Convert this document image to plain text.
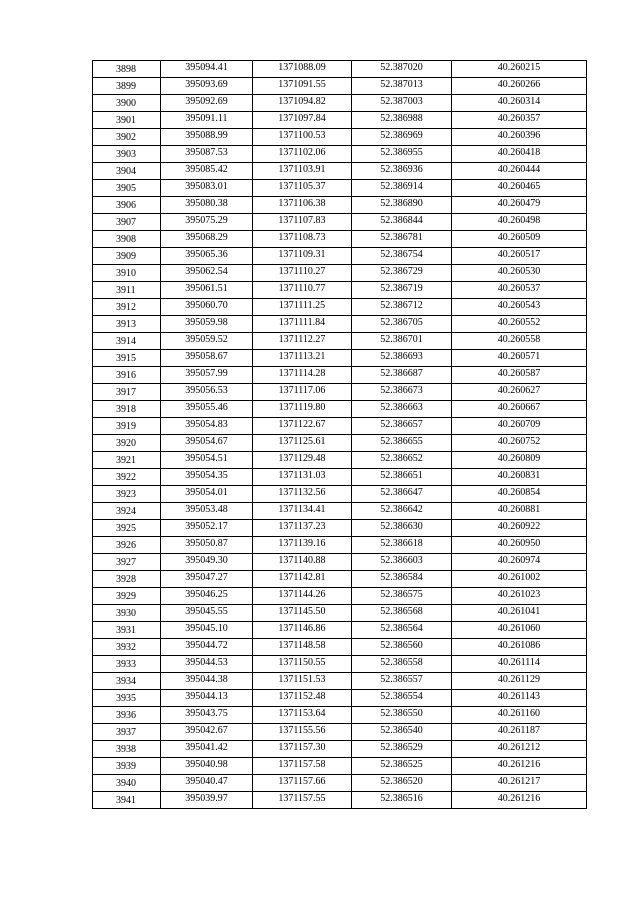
3898	395094.41	1371088.09	52.387020	40.260215
3899	395093.69	1371091.55	52.387013	40.260266
3900	395092.69	1371094.82	52.387003	40.260314
3901	395091.11	1371097.84	52.386988	40.260357
3902	395088.99	1371100.53	52.386969	40.260396
3903	395087.53	1371102.06	52.386955	40.260418
3904	395085.42	1371103.91	52.386936	40.260444
3905	395083.01	1371105.37	52.386914	40.260465
3906	395080.38	1371106.38	52.386890	40.260479
3907	395075.29	1371107.83	52.386844	40.260498
3908	395068.29	1371108.73	52.386781	40.260509
3909	395065.36	1371109.31	52.386754	40.260517
3910	395062.54	1371110.27	52.386729	40.260530
3911	395061.51	1371110.77	52.386719	40.260537
3912	395060.70	1371111.25	52.386712	40.260543
3913	395059.98	1371111.84	52.386705	40.260552
3914	395059.52	1371112.27	52.386701	40.260558
3915	395058.67	1371113.21	52.386693	40.260571
3916	395057.99	1371114.28	52.386687	40.260587
3917	395056.53	1371117.06	52.386673	40.260627
3918	395055.46	1371119.80	52.386663	40.260667
3919	395054.83	1371122.67	52.386657	40.260709
3920	395054.67	1371125.61	52.386655	40.260752
3921	395054.51	1371129.48	52.386652	40.260809
3922	395054.35	1371131.03	52.386651	40.260831
3923	395054.01	1371132.56	52.386647	40.260854
3924	395053.48	1371134.41	52.386642	40.260881
3925	395052.17	1371137.23	52.386630	40.260922
3926	395050.87	1371139.16	52.386618	40.260950
3927	395049.30	1371140.88	52.386603	40.260974
3928	395047.27	1371142.81	52.386584	40.261002
3929	395046.25	1371144.26	52.386575	40.261023
3930	395045.55	1371145.50	52.386568	40.261041
3931	395045.10	1371146.86	52.386564	40.261060
3932	395044.72	1371148.58	52.386560	40.261086
3933	395044.53	1371150.55	52.386558	40.261114
3934	395044.38	1371151.53	52.386557	40.261129
3935	395044.13	1371152.48	52.386554	40.261143
3936	395043.75	1371153.64	52.386550	40.261160
3937	395042.67	1371155.56	52.386540	40.261187
3938	395041.42	1371157.30	52.386529	40.261212
3939	395040.98	1371157.58	52.386525	40.261216
3940	395040.47	1371157.66	52.386520	40.261217
3941	395039.97	1371157.55	52.386516	40.261216
